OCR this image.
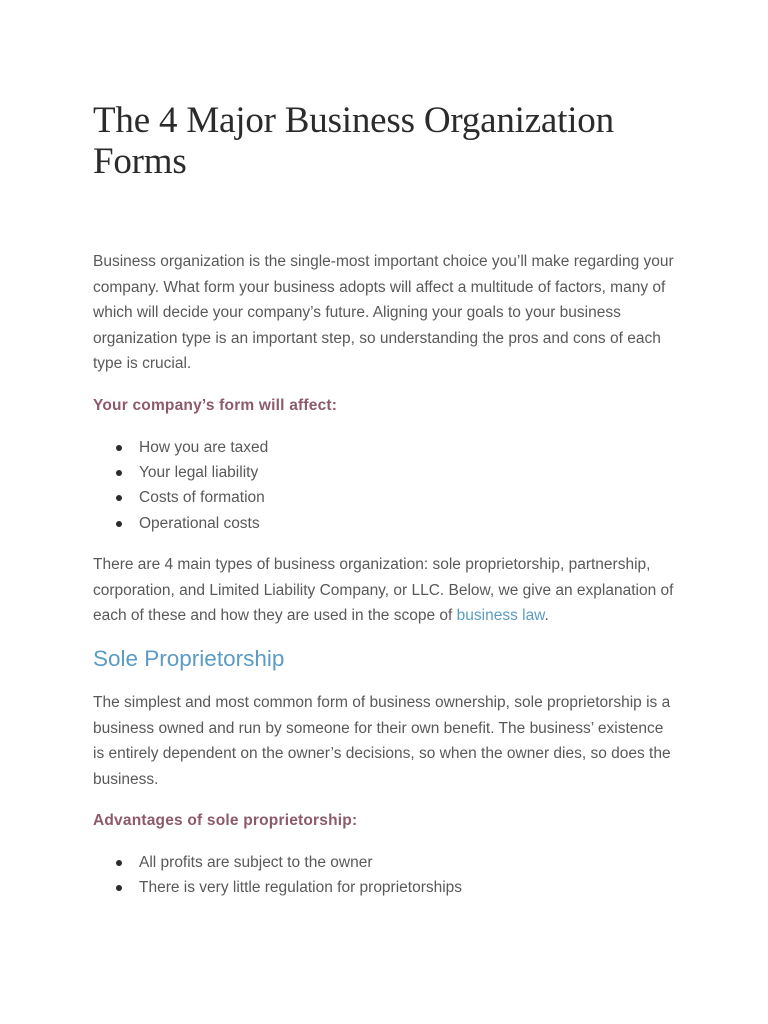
The 4 Major Business Organization Forms

Business organization is the single-most important choice you’ll make regarding your company. What form your business adopts will affect a multitude of factors, many of which will decide your company’s future. Aligning your goals to your business organization type is an important step, so understanding the pros and cons of each type is crucial.

Your company’s form will affect:
How you are taxed
Your legal liability
Costs of formation
Operational costs

There are 4 main types of business organization: sole proprietorship, partnership, corporation, and Limited Liability Company, or LLC. Below, we give an explanation of each of these and how they are used in the scope of business law.

Sole Proprietorship

The simplest and most common form of business ownership, sole proprietorship is a business owned and run by someone for their own benefit. The business’ existence is entirely dependent on the owner’s decisions, so when the owner dies, so does the business.

Advantages of sole proprietorship:
All profits are subject to the owner
There is very little regulation for proprietorships
